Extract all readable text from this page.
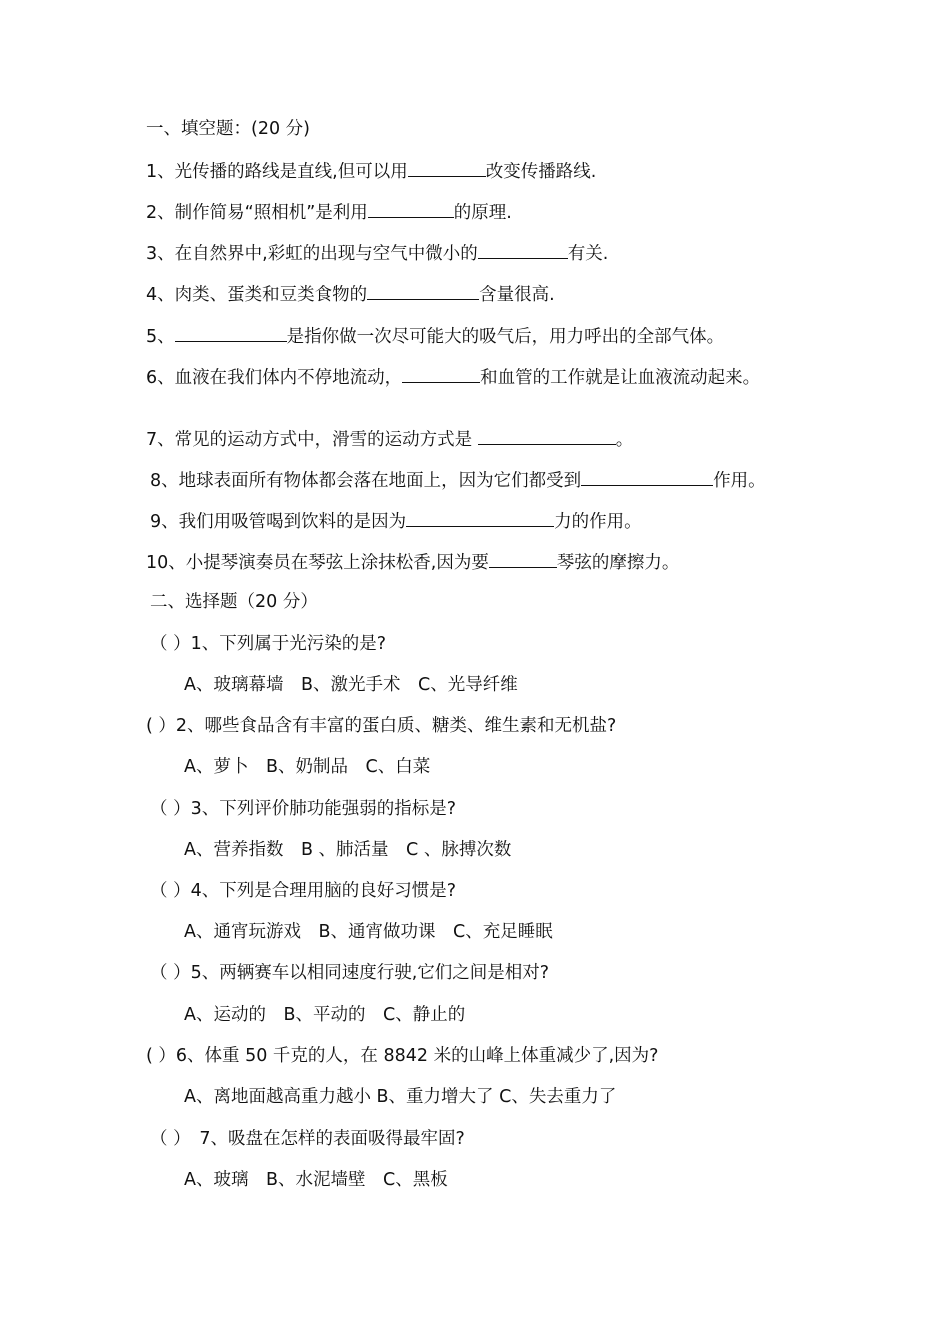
一、填空题：(20 分)
1、光传播的路线是直线,但可以用	改变传播路线.
2、制作简易“照相机”是利用	的原理.
3、在自然界中,彩虹的出现与空气中微小的	有关.
4、肉类、蛋类和豆类食物的	含量很高.
5、	是指你做一次尽可能大的吸气后，用力呼出的全部气体。
6、血液在我们体内不停地流动，	和血管的工作就是让血液流动起来。
7、常见的运动方式中，滑雪的运动方式是	。
8、地球表面所有物体都会落在地面上，因为它们都受到	作用。
9、我们用吸管喝到饮料的是因为	力的作用。
10、小提琴演奏员在琴弦上涂抹松香,因为要	琴弦的摩擦力。
二、选择题（20 分）
（ ）1、下列属于光污染的是?
A、玻璃幕墙　B、激光手术　C、光导纤维
( ）2、哪些食品含有丰富的蛋白质、糖类、维生素和无机盐?
A、萝卜　B、奶制品　C、白菜
（ ）3、下列评价肺功能强弱的指标是?
A、营养指数　B 、肺活量　C 、脉搏次数
（ ）4、下列是合理用脑的良好习惯是?
A、通宵玩游戏　B、通宵做功课　C、充足睡眠
（ ）5、两辆赛车以相同速度行驶,它们之间是相对?
A、运动的　B、平动的　C、静止的
( ）6、体重 50 千克的人，在 8842 米的山峰上体重减少了,因为?
A、离地面越高重力越小 B、重力增大了 C、失去重力了
（ ）　7、吸盘在怎样的表面吸得最牢固?
A、玻璃　B、水泥墙壁　C、黑板
